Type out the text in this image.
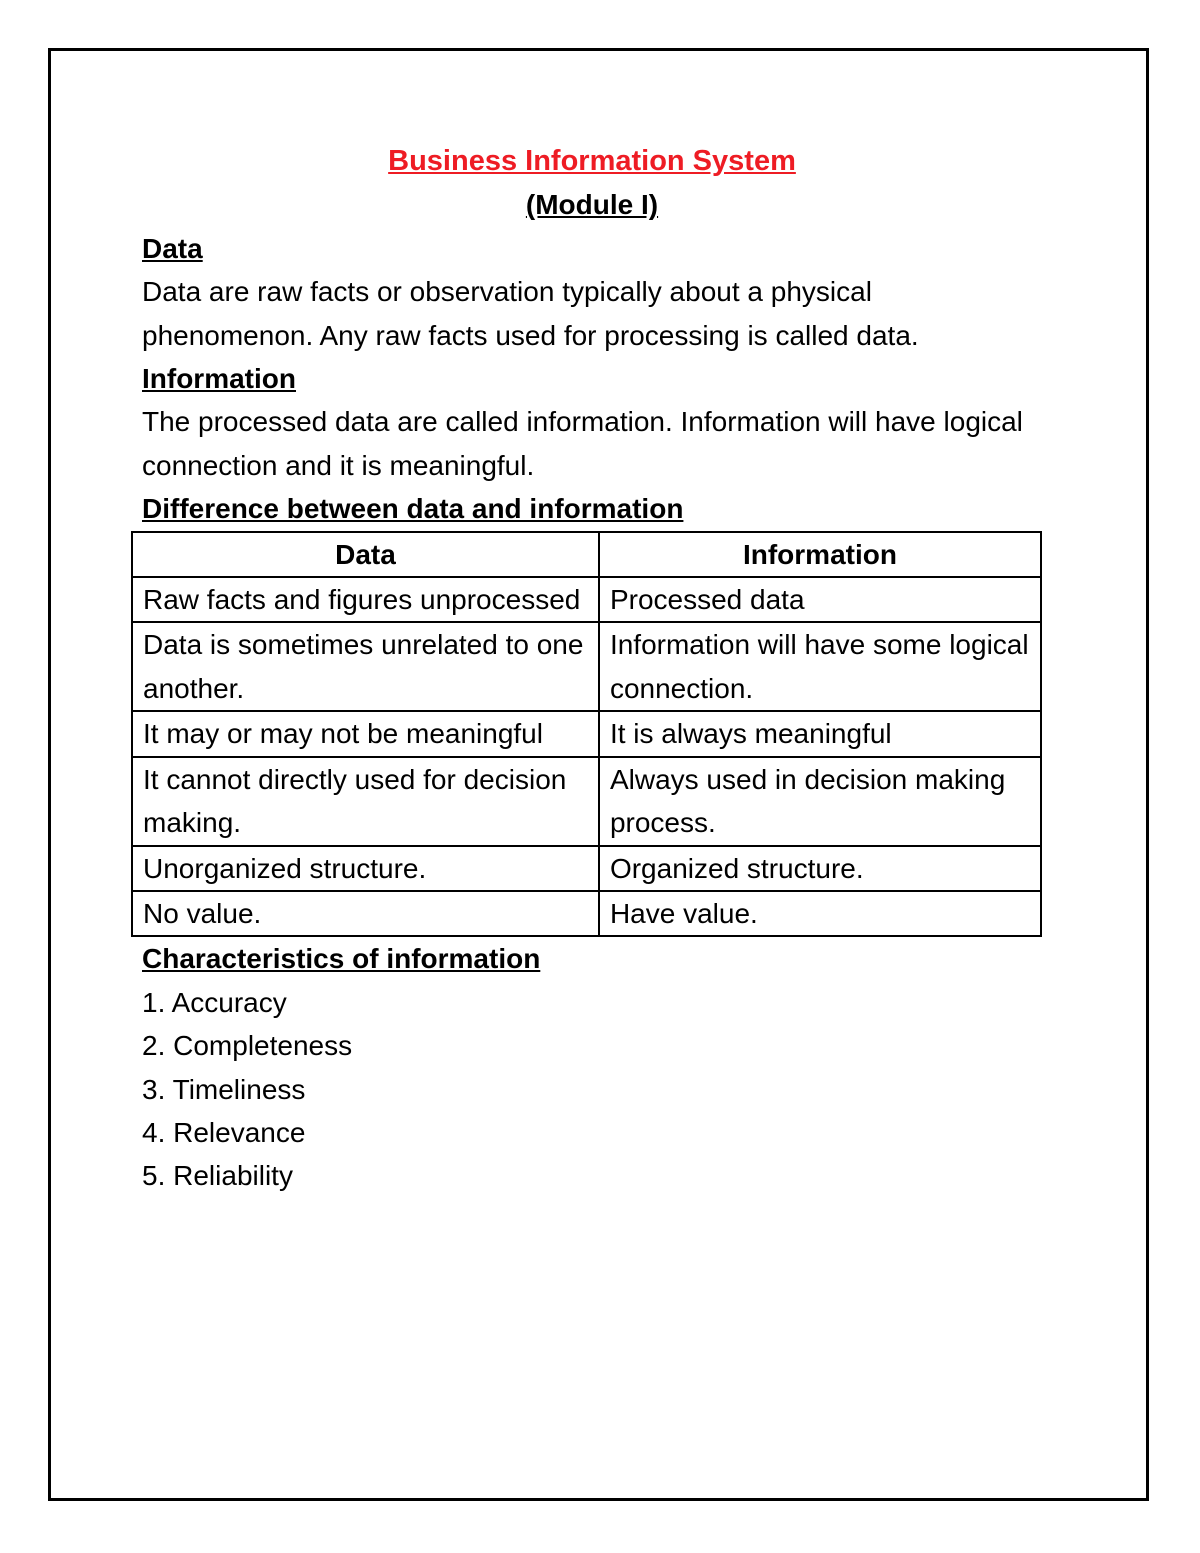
Business Information System

(Module I)

Data

Data are raw facts or observation typically about a physical phenomenon. Any raw facts used for processing is called data.

Information

The processed data are called information. Information will have logical connection and it is meaningful.

Difference between data and information

Data	Information
Raw facts and figures unprocessed	Processed data
Data is sometimes unrelated to one another.	Information will have some logical connection.
It may or may not be meaningful	It is always meaningful
It cannot directly used for decision making.	Always used in decision making process.
Unorganized structure.	Organized structure.
No value.	Have value.

Characteristics of information

1. Accuracy
2. Completeness
3. Timeliness
4. Relevance
5. Reliability
